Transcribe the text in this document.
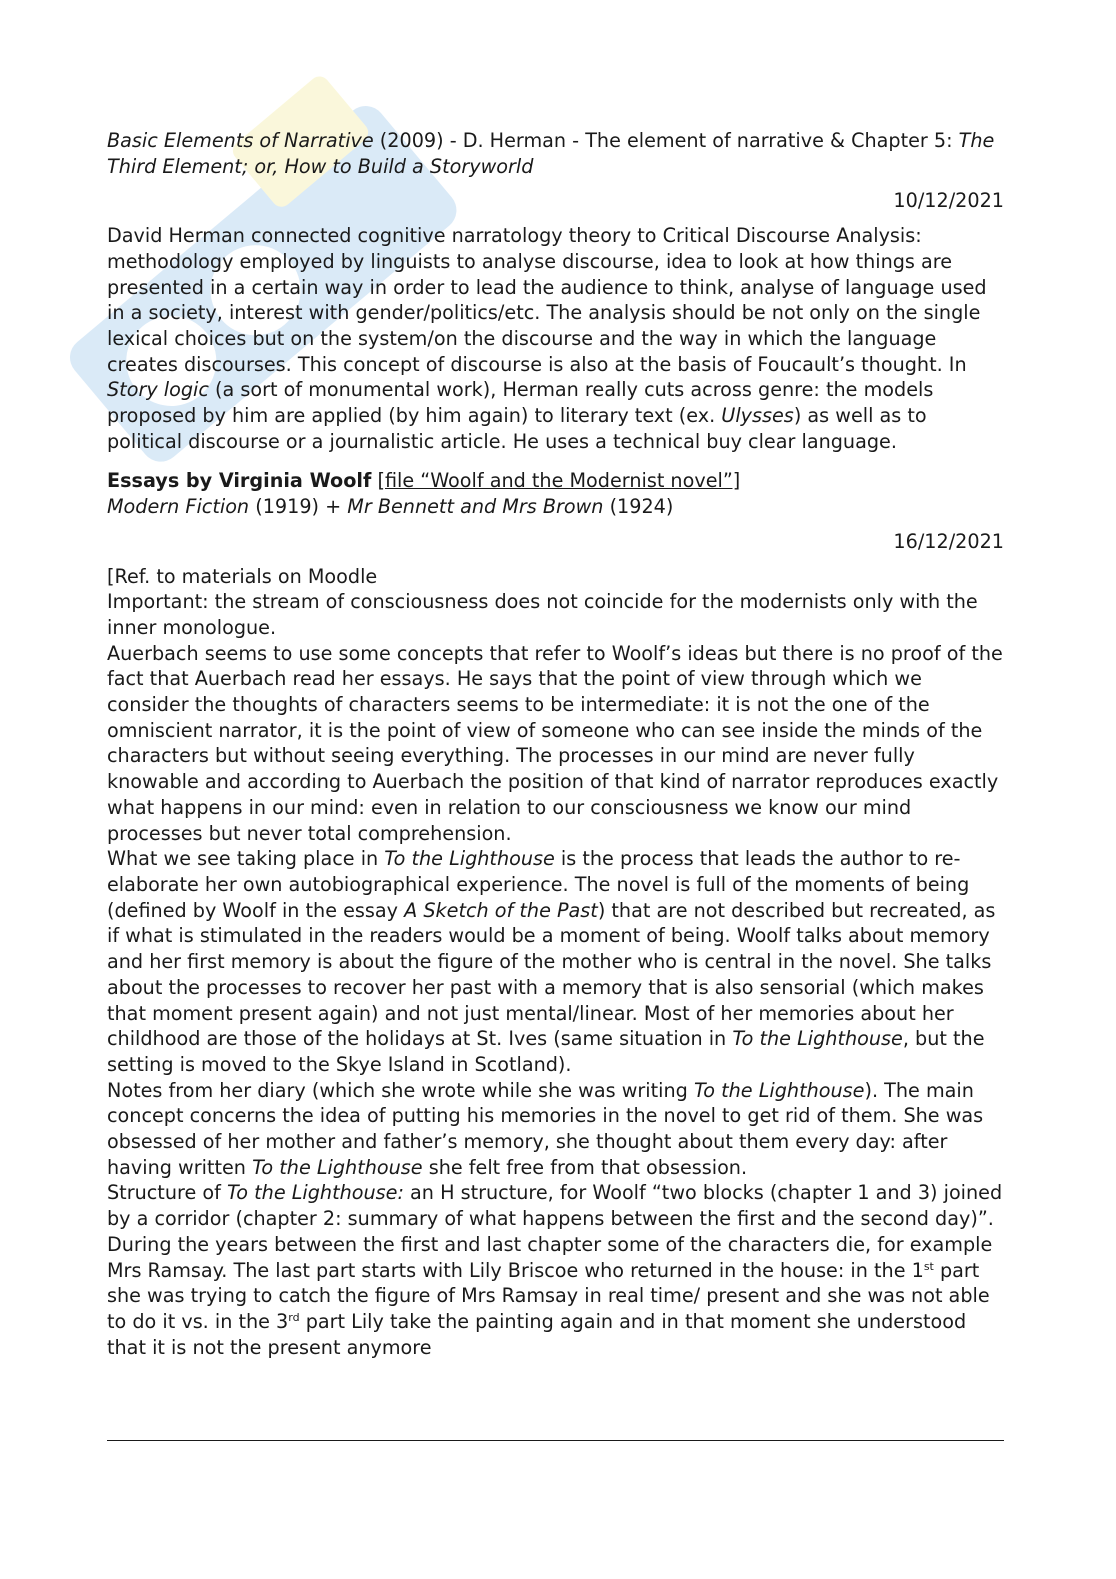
Basic Elements of Narrative (2009) - D. Herman - The element of narrative & Chapter 5: The Third Element; or, How to Build a Storyworld

10/12/2021

David Herman connected cognitive narratology theory to Critical Discourse Analysis: methodology employed by linguists to analyse discourse, idea to look at how things are presented in a certain way in order to lead the audience to think, analyse of language used in a society, interest with gender/politics/etc. The analysis should be not only on the single lexical choices but on the system/on the discourse and the way in which the language creates discourses. This concept of discourse is also at the basis of Foucault’s thought. In Story logic (a sort of monumental work), Herman really cuts across genre: the models proposed by him are applied (by him again) to literary text (ex. Ulysses) as well as to political discourse or a journalistic article. He uses a technical buy clear language.

Essays by Virginia Woolf [file “Woolf and the Modernist novel”]

Modern Fiction (1919) + Mr Bennett and Mrs Brown (1924)

16/12/2021

[Ref. to materials on Moodle

Important: the stream of consciousness does not coincide for the modernists only with the inner monologue.

Auerbach seems to use some concepts that refer to Woolf’s ideas but there is no proof of the fact that Auerbach read her essays. He says that the point of view through which we consider the thoughts of characters seems to be intermediate: it is not the one of the omniscient narrator, it is the point of view of someone who can see inside the minds of the characters but without seeing everything. The processes in our mind are never fully knowable and according to Auerbach the position of that kind of narrator reproduces exactly what happens in our mind: even in relation to our consciousness we know our mind processes but never total comprehension.

What we see taking place in To the Lighthouse is the process that leads the author to re-elaborate her own autobiographical experience. The novel is full of the moments of being (defined by Woolf in the essay A Sketch of the Past) that are not described but recreated, as if what is stimulated in the readers would be a moment of being. Woolf talks about memory and her first memory is about the figure of the mother who is central in the novel. She talks about the processes to recover her past with a memory that is also sensorial (which makes that moment present again) and not just mental/linear. Most of her memories about her childhood are those of the holidays at St. Ives (same situation in To the Lighthouse, but the setting is moved to the Skye Island in Scotland).

Notes from her diary (which she wrote while she was writing To the Lighthouse). The main concept concerns the idea of putting his memories in the novel to get rid of them. She was obsessed of her mother and father’s memory, she thought about them every day: after having written To the Lighthouse she felt free from that obsession.

Structure of To the Lighthouse: an H structure, for Woolf “two blocks (chapter 1 and 3) joined by a corridor (chapter 2: summary of what happens between the first and the second day)”. During the years between the first and last chapter some of the characters die, for example Mrs Ramsay. The last part starts with Lily Briscoe who returned in the house: in the 1st part she was trying to catch the figure of Mrs Ramsay in real time/ present and she was not able to do it vs. in the 3rd part Lily take the painting again and in that moment she understood that it is not the present anymore
